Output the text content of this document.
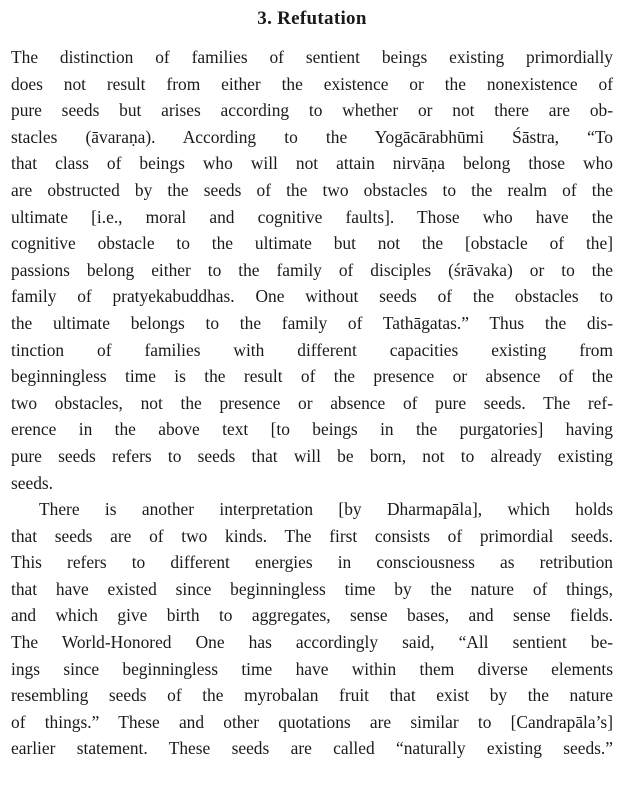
3. Refutation
The distinction of families of sentient beings existing primordially
does not result from either the existence or the nonexistence of
pure seeds but arises according to whether or not there are ob-
stacles (āvaraṇa). According to the Yogācārabhūmi Śāstra, “To
that class of beings who will not attain nirvāṇa belong those who
are obstructed by the seeds of the two obstacles to the realm of the
ultimate [i.e., moral and cognitive faults]. Those who have the
cognitive obstacle to the ultimate but not the [obstacle of the]
passions belong either to the family of disciples (śrāvaka) or to the
family of pratyekabuddhas. One without seeds of the obstacles to
the ultimate belongs to the family of Tathāgatas.” Thus the dis-
tinction of families with different capacities existing from
beginningless time is the result of the presence or absence of the
two obstacles, not the presence or absence of pure seeds. The ref-
erence in the above text [to beings in the purgatories] having
pure seeds refers to seeds that will be born, not to already existing
seeds.
There is another interpretation [by Dharmapāla], which holds
that seeds are of two kinds. The first consists of primordial seeds.
This refers to different energies in consciousness as retribution
that have existed since beginningless time by the nature of things,
and which give birth to aggregates, sense bases, and sense fields.
The World-Honored One has accordingly said, “All sentient be-
ings since beginningless time have within them diverse elements
resembling seeds of the myrobalan fruit that exist by the nature
of things.” These and other quotations are similar to [Candrapāla’s]
earlier statement. These seeds are called “naturally existing seeds.”
